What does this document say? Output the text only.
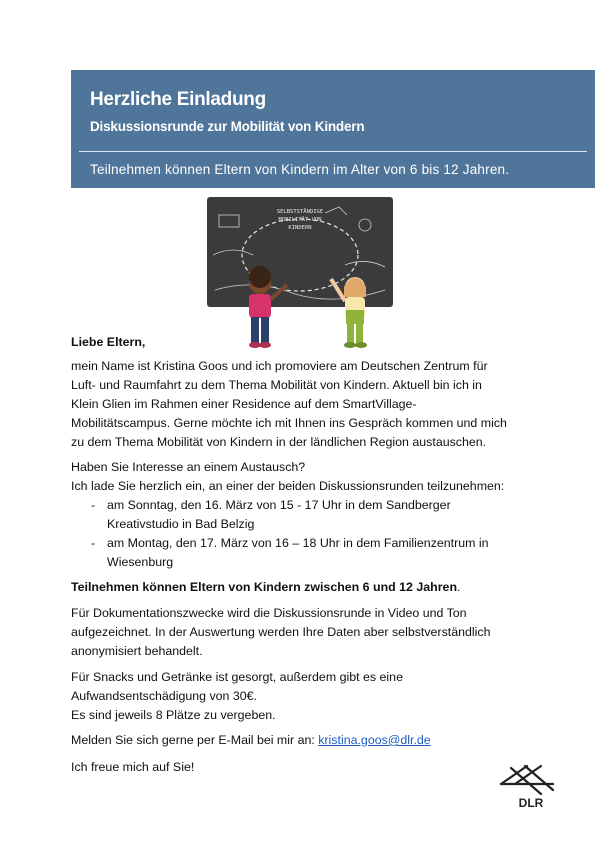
Herzliche Einladung
Diskussionsrunde zur Mobilität von Kindern
Teilnehmen können Eltern von Kindern im Alter von 6 bis 12 Jahren.
SELBSTSTÄNDIGE
MOBILITÄT VON
KINDERN
Liebe Eltern,
mein Name ist Kristina Goos und ich promoviere am Deutschen Zentrum für
Luft- und Raumfahrt zu dem Thema Mobilität von Kindern. Aktuell bin ich in
Klein Glien im Rahmen einer Residence auf dem SmartVillage-
Mobilitätscampus. Gerne möchte ich mit Ihnen ins Gespräch kommen und mich
zu dem Thema Mobilität von Kindern in der ländlichen Region austauschen.
Haben Sie Interesse an einem Austausch?
Ich lade Sie herzlich ein, an einer der beiden Diskussionsrunden teilzunehmen:
- am Sonntag, den 16. März von 15 - 17 Uhr in dem Sandberger
Kreativstudio in Bad Belzig
- am Montag, den 17. März von 16 – 18 Uhr in dem Familienzentrum in
Wiesenburg
Teilnehmen können Eltern von Kindern zwischen 6 und 12 Jahren.
Für Dokumentationszwecke wird die Diskussionsrunde in Video und Ton
aufgezeichnet. In der Auswertung werden Ihre Daten aber selbstverständlich
anonymisiert behandelt.
Für Snacks und Getränke ist gesorgt, außerdem gibt es eine
Aufwandsentschädigung von 30€.
Es sind jeweils 8 Plätze zu vergeben.
Melden Sie sich gerne per E-Mail bei mir an: kristina.goos@dlr.de
Ich freue mich auf Sie!
DLR
